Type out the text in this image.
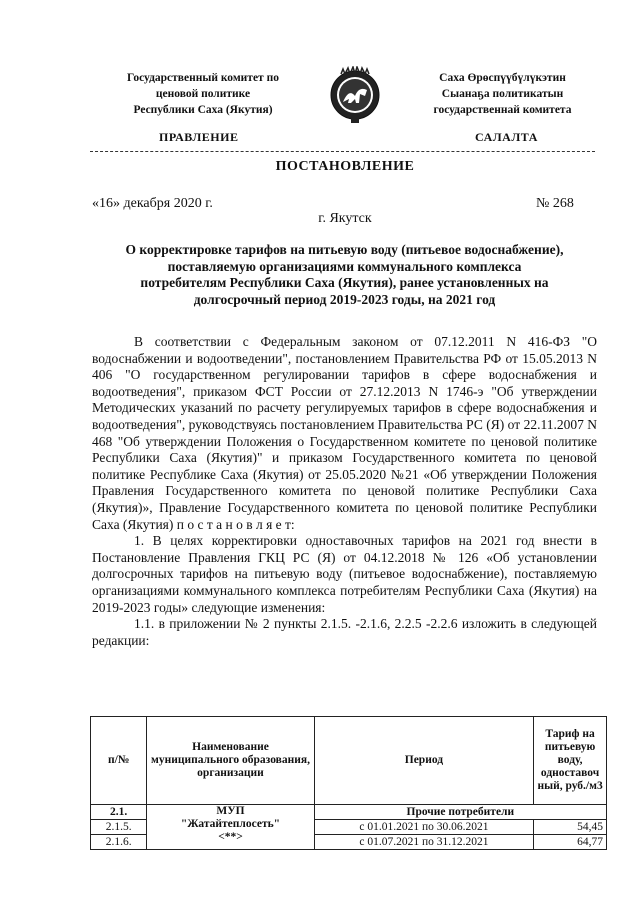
Государственный комитет по
ценовой политике
Республики Саха (Якутия)
Саха Өрөспүүбүлүкэтин
Сыанаҕа политикатын
государственнай комитета
ПРАВЛЕНИЕ	САЛАЛТА
ПОСТАНОВЛЕНИЕ
«16» декабря 2020 г.	№ 268
г. Якутск
О корректировке тарифов на питьевую воду (питьевое водоснабжение),
поставляемую организациями коммунального комплекса
потребителям Республики Саха (Якутия), ранее установленных на
долгосрочный период 2019-2023 годы, на 2021 год

В соответствии с Федеральным законом от 07.12.2011 N 416-ФЗ "О водоснабжении и водоотведении", постановлением Правительства РФ от 15.05.2013 N 406 "О государственном регулировании тарифов в сфере водоснабжения и водоотведения", приказом ФСТ России от 27.12.2013 N 1746-э "Об утверждении Методических указаний по расчету регулируемых тарифов в сфере водоснабжения и водоотведения", руководствуясь постановлением Правительства РС (Я) от 22.11.2007 N 468 "Об утверждении Положения о Государственном комитете по ценовой политике Республики Саха (Якутия)" и приказом Государственного комитета по ценовой политике Республике Саха (Якутия) от 25.05.2020 №21 «Об утверждении Положения Правления Государственного комитета по ценовой политике Республики Саха (Якутия)», Правление Государственного комитета по ценовой политике Республики Саха (Якутия) п о с т а н о в л я е т:

1. В целях корректировки одноставочных тарифов на 2021 год внести в Постановление Правления ГКЦ РС (Я) от 04.12.2018 № 126 «Об установлении долгосрочных тарифов на питьевую воду (питьевое водоснабжение), поставляемую организациями коммунального комплекса потребителям Республики Саха (Якутия) на 2019-2023 годы» следующие изменения:

1.1. в приложении № 2 пункты 2.1.5. -2.1.6, 2.2.5 -2.2.6 изложить в следующей редакции:

п/№	Наименование муниципального образования, организации	Период	Тариф на питьевую воду, одноставоч ный, руб./м3
2.1.	МУП
"Жатайтеплосеть"
<**>	Прочие потребители	
2.1.5.		с 01.01.2021 по 30.06.2021	54,45
2.1.6.		с 01.07.2021 по 31.12.2021	64,77
